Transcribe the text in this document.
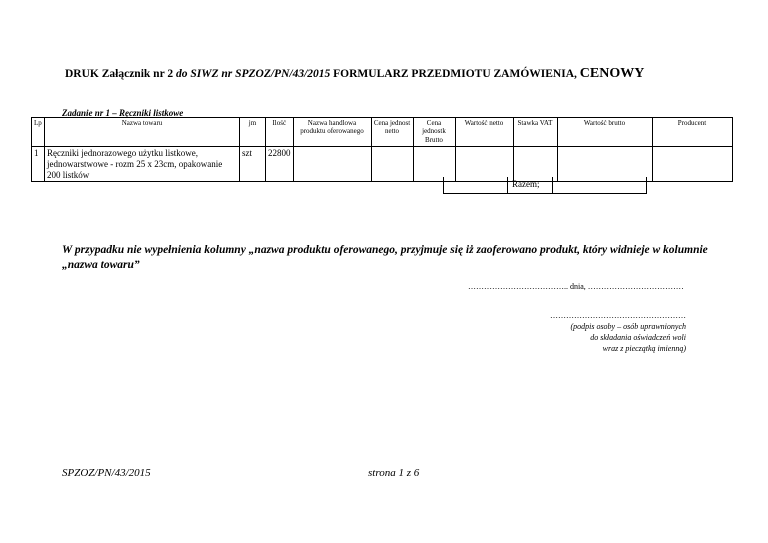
DRUK Załącznik nr 2 do SIWZ nr SPZOZ/PN/43/2015 FORMULARZ PRZEDMIOTU ZAMÓWIENIA, CENOWY
Zadanie nr 1 – Ręczniki listkowe
Lp	Nazwa towaru	jm	Ilość	Nazwa handlowa produktu oferowanego	Cena jednost netto	Cena jednostk Brutto	Wartość netto	Stawka VAT	Wartość brutto	Producent
1	Ręczniki jednorazowego użytku listkowe, jednowarstwowe - rozm 25 x 23cm, opakowanie 200 listków	szt	22800							
Razem;
W przypadku nie wypełnienia kolumny „nazwa produktu oferowanego, przyjmuje się iż zaoferowano produkt, który widnieje w kolumnie „nazwa towaru”
……………………………….. dnia, ………………………………
……………………………………………
(podpis osoby – osób uprawnionych
do składania oświadczeń woli
wraz z pieczątką imienną)
SPZOZ/PN/43/2015	strona 1 z 6
